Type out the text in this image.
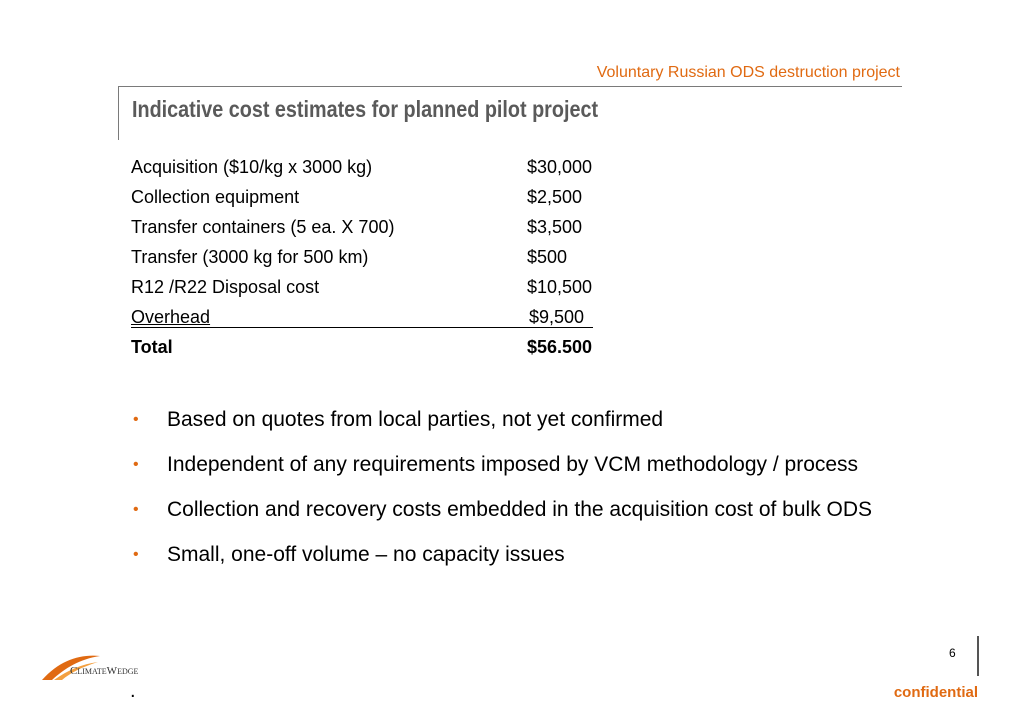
Voluntary Russian ODS destruction project
Indicative cost estimates for planned pilot project
Acquisition ($10/kg x 3000 kg)	$30,000
Collection equipment	$2,500
Transfer containers (5 ea. X 700)	$3,500
Transfer (3000 kg for 500 km)	$500
R12 /R22 Disposal cost	$10,500
Overhead	$9,500
Total	$56.500
• Based on quotes from local parties, not yet confirmed
• Independent of any requirements imposed by VCM methodology / process
• Collection and recovery costs embedded in the acquisition cost of bulk ODS
• Small, one-off volume – no capacity issues
CLIMATEWEDGE
.
6
confidential
